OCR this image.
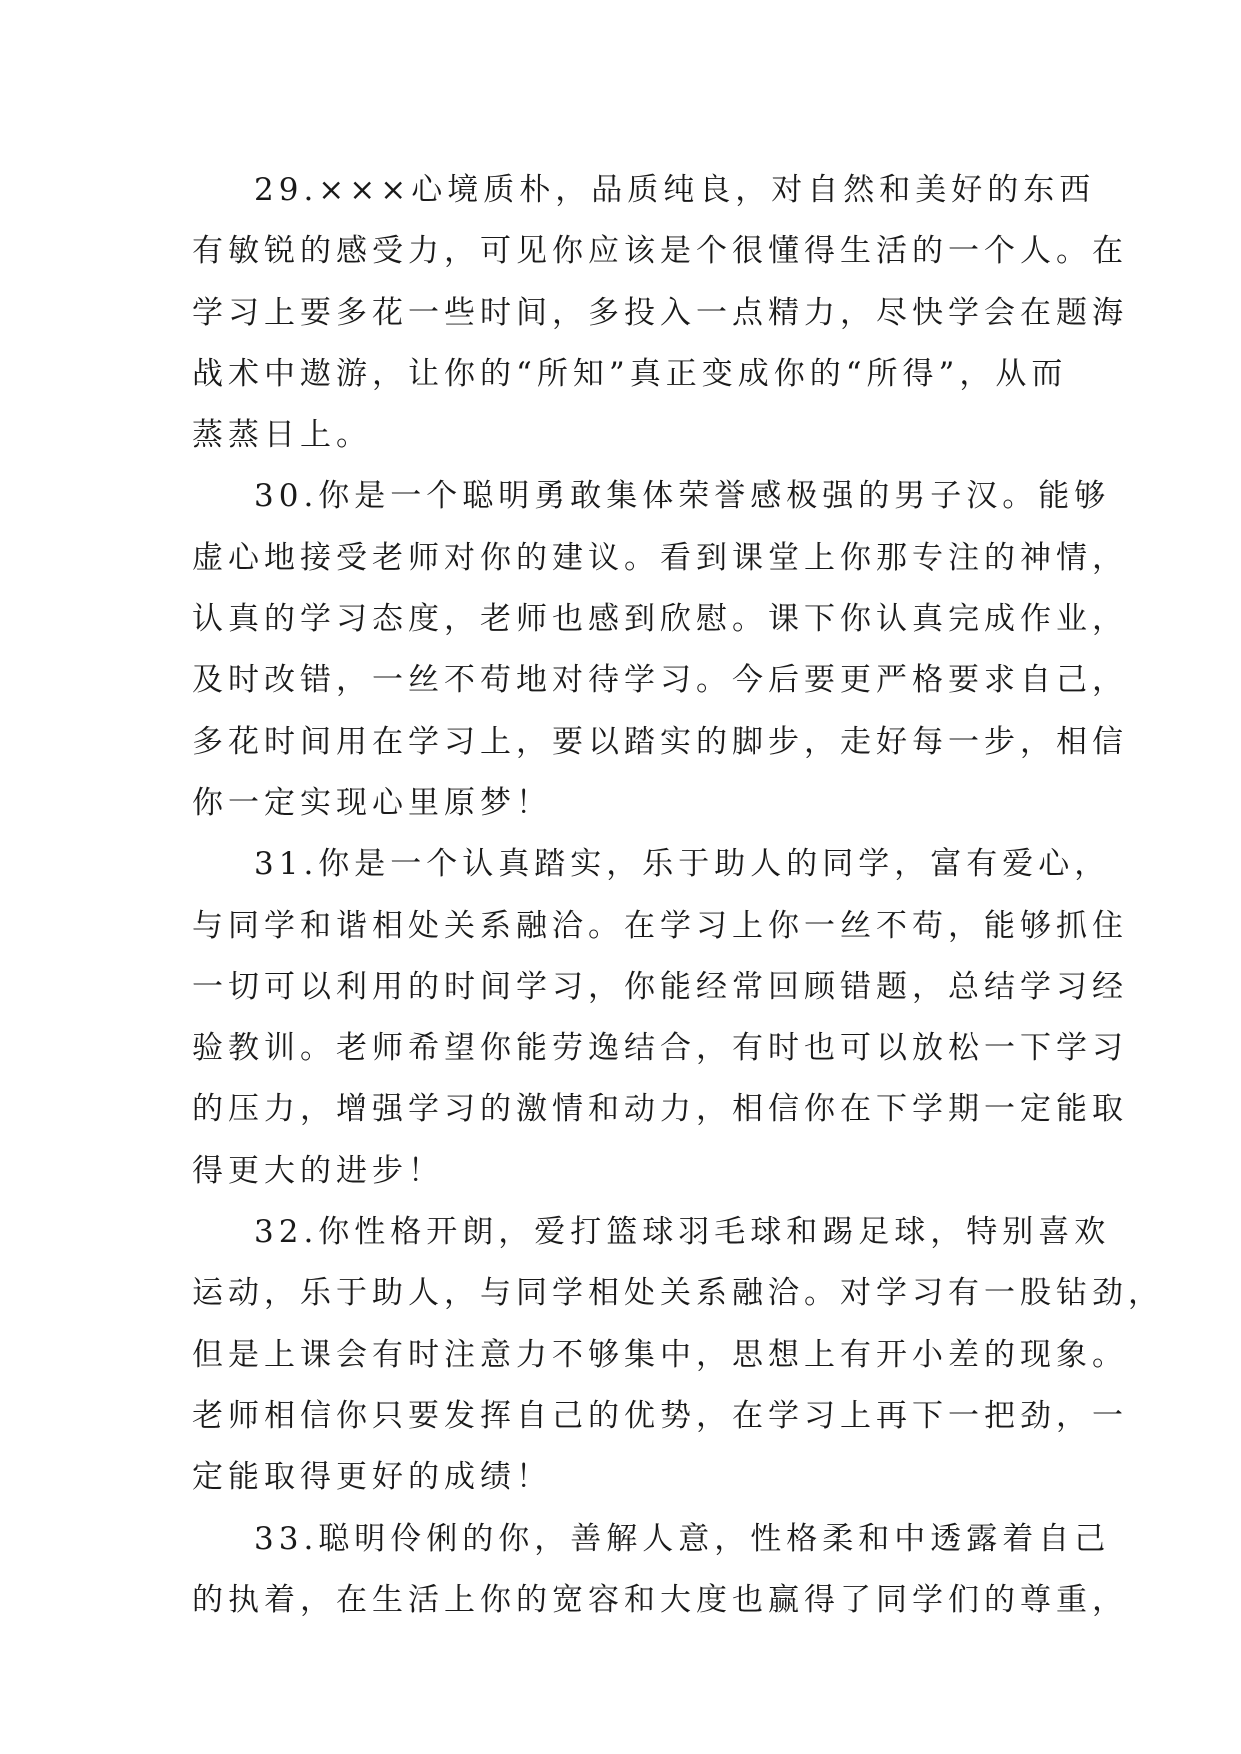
29.×××心境质朴，品质纯良，对自然和美好的东西
有敏锐的感受力，可见你应该是个很懂得生活的一个人。在
学习上要多花一些时间，多投入一点精力，尽快学会在题海
战术中遨游，让你的“所知”真正变成你的“所得”，从而
蒸蒸日上。
30.你是一个聪明勇敢集体荣誉感极强的男子汉。能够
虚心地接受老师对你的建议。看到课堂上你那专注的神情，
认真的学习态度，老师也感到欣慰。课下你认真完成作业，
及时改错，一丝不苟地对待学习。今后要更严格要求自己，
多花时间用在学习上，要以踏实的脚步，走好每一步，相信
你一定实现心里原梦！
31.你是一个认真踏实，乐于助人的同学，富有爱心，
与同学和谐相处关系融洽。在学习上你一丝不苟，能够抓住
一切可以利用的时间学习，你能经常回顾错题，总结学习经
验教训。老师希望你能劳逸结合，有时也可以放松一下学习
的压力，增强学习的激情和动力，相信你在下学期一定能取
得更大的进步！
32.你性格开朗，爱打篮球羽毛球和踢足球，特别喜欢
运动，乐于助人，与同学相处关系融洽。对学习有一股钻劲，
但是上课会有时注意力不够集中，思想上有开小差的现象。
老师相信你只要发挥自己的优势，在学习上再下一把劲，一
定能取得更好的成绩！
33.聪明伶俐的你，善解人意，性格柔和中透露着自己
的执着，在生活上你的宽容和大度也赢得了同学们的尊重，
